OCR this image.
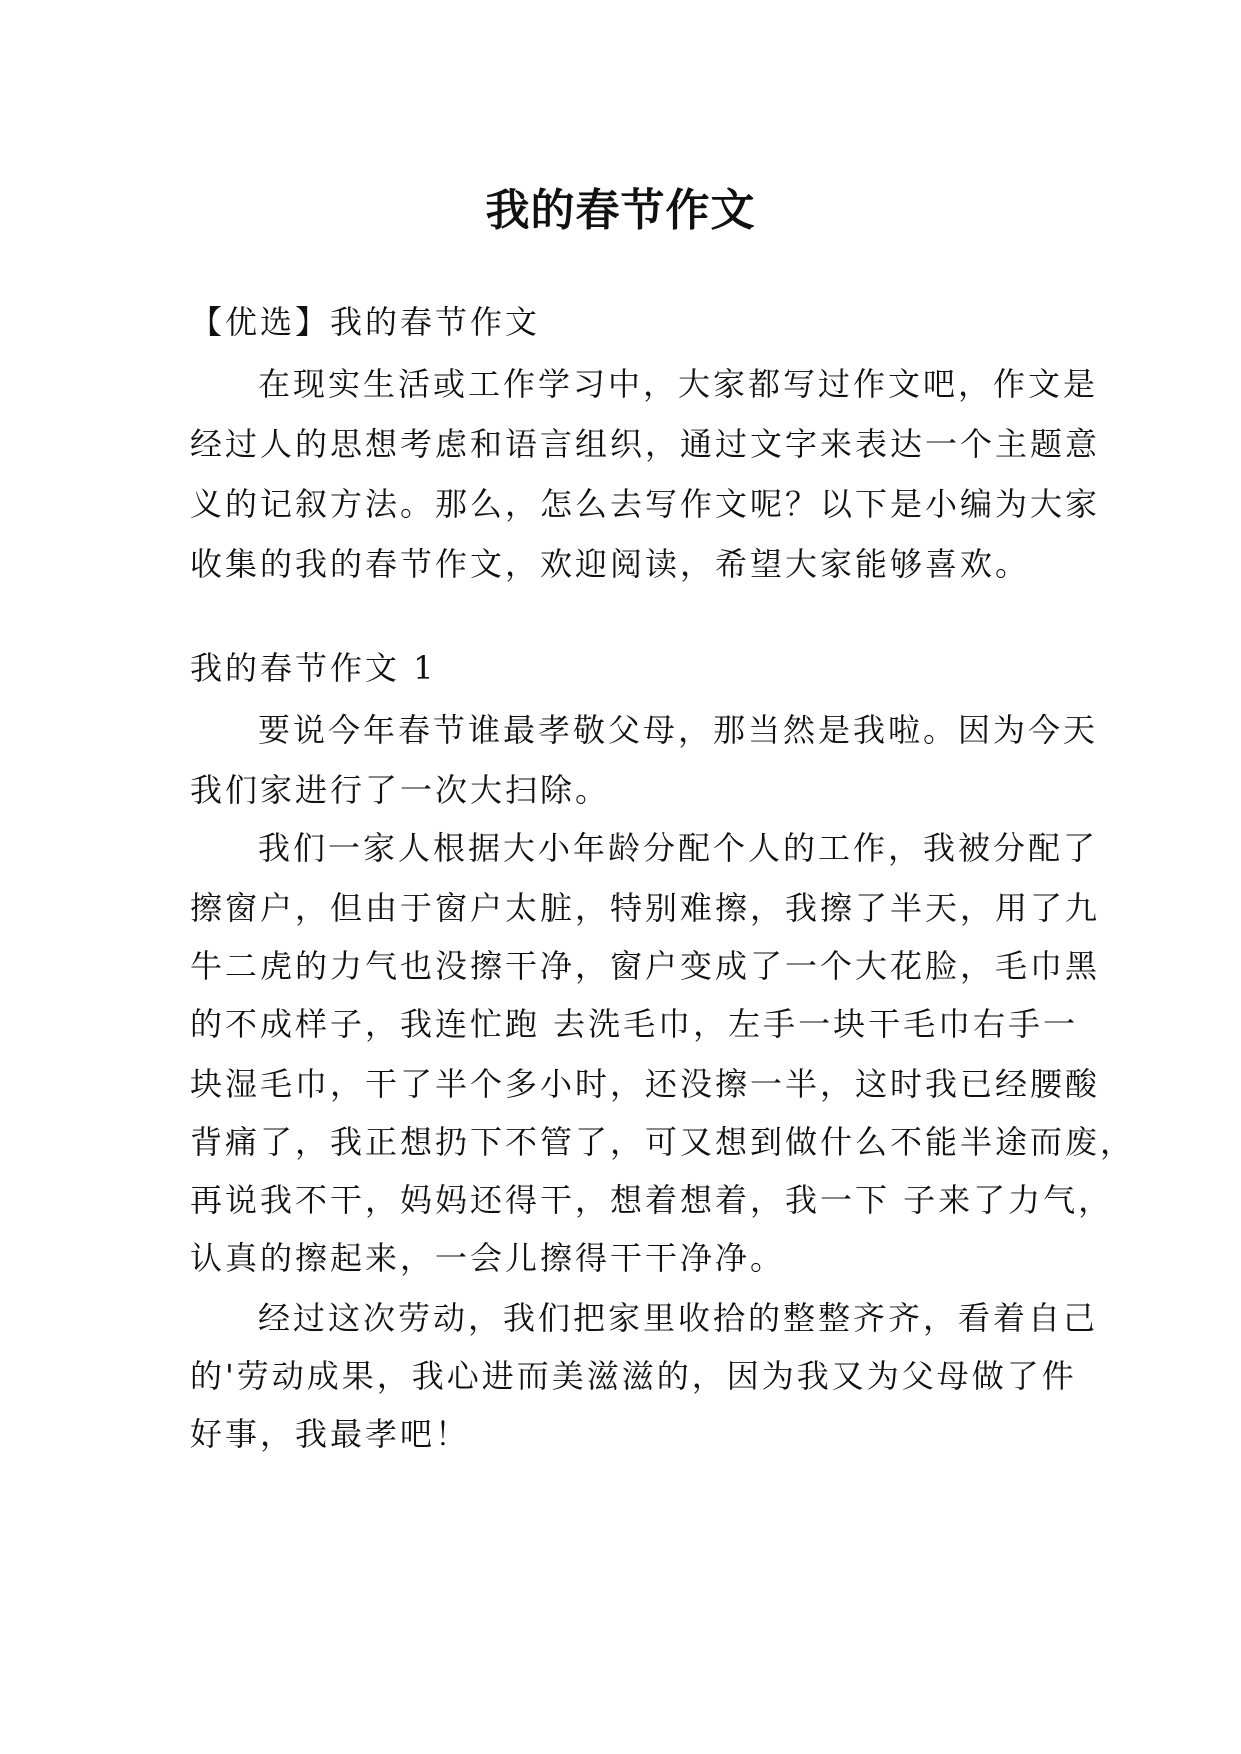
我的春节作文

【优选】我的春节作文

在现实生活或工作学习中，大家都写过作文吧，作文是

经过人的思想考虑和语言组织，通过文字来表达一个主题意

义的记叙方法。那么，怎么去写作文呢？以下是小编为大家

收集的我的春节作文，欢迎阅读，希望大家能够喜欢。

我的春节作文 1

要说今年春节谁最孝敬父母，那当然是我啦。因为今天

我们家进行了一次大扫除。

我们一家人根据大小年龄分配个人的工作，我被分配了

擦窗户，但由于窗户太脏，特别难擦，我擦了半天，用了九

牛二虎的力气也没擦干净，窗户变成了一个大花脸，毛巾黑

的不成样子，我连忙跑 去洗毛巾，左手一块干毛巾右手一

块湿毛巾，干了半个多小时，还没擦一半，这时我已经腰酸

背痛了，我正想扔下不管了，可又想到做什么不能半途而废，

再说我不干，妈妈还得干，想着想着，我一下 子来了力气，

认真的擦起来，一会儿擦得干干净净。

经过这次劳动，我们把家里收拾的整整齐齐，看着自己

的'劳动成果，我心进而美滋滋的，因为我又为父母做了件

好事，我最孝吧！
